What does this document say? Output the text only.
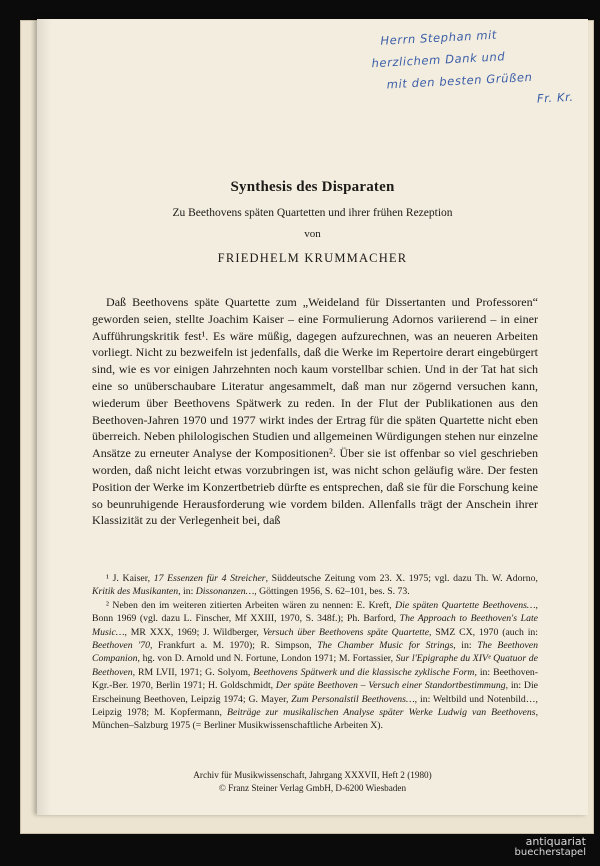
Herrn Stephan mit
herzlichem Dank und
mit den besten Grüßen
Fr. Kr.
Synthesis des Disparaten
Zu Beethovens späten Quartetten und ihrer frühen Rezeption
von
FRIEDHELM KRUMMACHER

Daß Beethovens späte Quartette zum „Weideland für Dissertanten und Professoren“ geworden seien, stellte Joachim Kaiser – eine Formulierung Adornos variierend – in einer Aufführungskritik fest¹. Es wäre müßig, dagegen aufzurechnen, was an neueren Arbeiten vorliegt. Nicht zu bezweifeln ist jedenfalls, daß die Werke im Repertoire derart eingebürgert sind, wie es vor einigen Jahrzehnten noch kaum vorstellbar schien. Und in der Tat hat sich eine so unüberschaubare Literatur angesammelt, daß man nur zögernd versuchen kann, wiederum über Beethovens Spätwerk zu reden. In der Flut der Publikationen aus den Beethoven-Jahren 1970 und 1977 wirkt indes der Ertrag für die späten Quartette nicht eben überreich. Neben philologischen Studien und allgemeinen Würdigungen stehen nur einzelne Ansätze zu erneuter Analyse der Kompositionen². Über sie ist offenbar so viel geschrieben worden, daß nicht leicht etwas vorzubringen ist, was nicht schon geläufig wäre. Der festen Position der Werke im Konzertbetrieb dürfte es entsprechen, daß sie für die Forschung keine so beunruhigende Herausforderung wie vordem bilden. Allenfalls trägt der Anschein ihrer Klassizität zu der Verlegenheit bei, daß

¹ J. Kaiser, 17 Essenzen für 4 Streicher, Süddeutsche Zeitung vom 23. X. 1975; vgl. dazu Th. W. Adorno, Kritik des Musikanten, in: Dissonanzen…, Göttingen 1956, S. 62–101, bes. S. 73.

² Neben den im weiteren zitierten Arbeiten wären zu nennen: E. Kreft, Die späten Quartette Beethovens…, Bonn 1969 (vgl. dazu L. Finscher, Mf XXIII, 1970, S. 348f.); Ph. Barford, The Approach to Beethoven's Late Music…, MR XXX, 1969; J. Wildberger, Versuch über Beethovens späte Quartette, SMZ CX, 1970 (auch in: Beethoven '70, Frankfurt a. M. 1970); R. Simpson, The Chamber Music for Strings, in: The Beethoven Companion, hg. von D. Arnold und N. Fortune, London 1971; M. Fortassier, Sur l'Epigraphe du XIVᵉ Quatuor de Beethoven, RM LVII, 1971; G. Solyom, Beethovens Spätwerk und die klassische zyklische Form, in: Beethoven-Kgr.-Ber. 1970, Berlin 1971; H. Goldschmidt, Der späte Beethoven – Versuch einer Standortbestimmung, in: Die Erscheinung Beethoven, Leipzig 1974; G. Mayer, Zum Personalstil Beethovens…, in: Weltbild und Notenbild…, Leipzig 1978; M. Kopfermann, Beiträge zur musikalischen Analyse später Werke Ludwig van Beethovens, München–Salzburg 1975 (= Berliner Musikwissenschaftliche Arbeiten X).

Archiv für Musikwissenschaft, Jahrgang XXXVII, Heft 2 (1980)
© Franz Steiner Verlag GmbH, D-6200 Wiesbaden
antiquariat
buecherstapel
